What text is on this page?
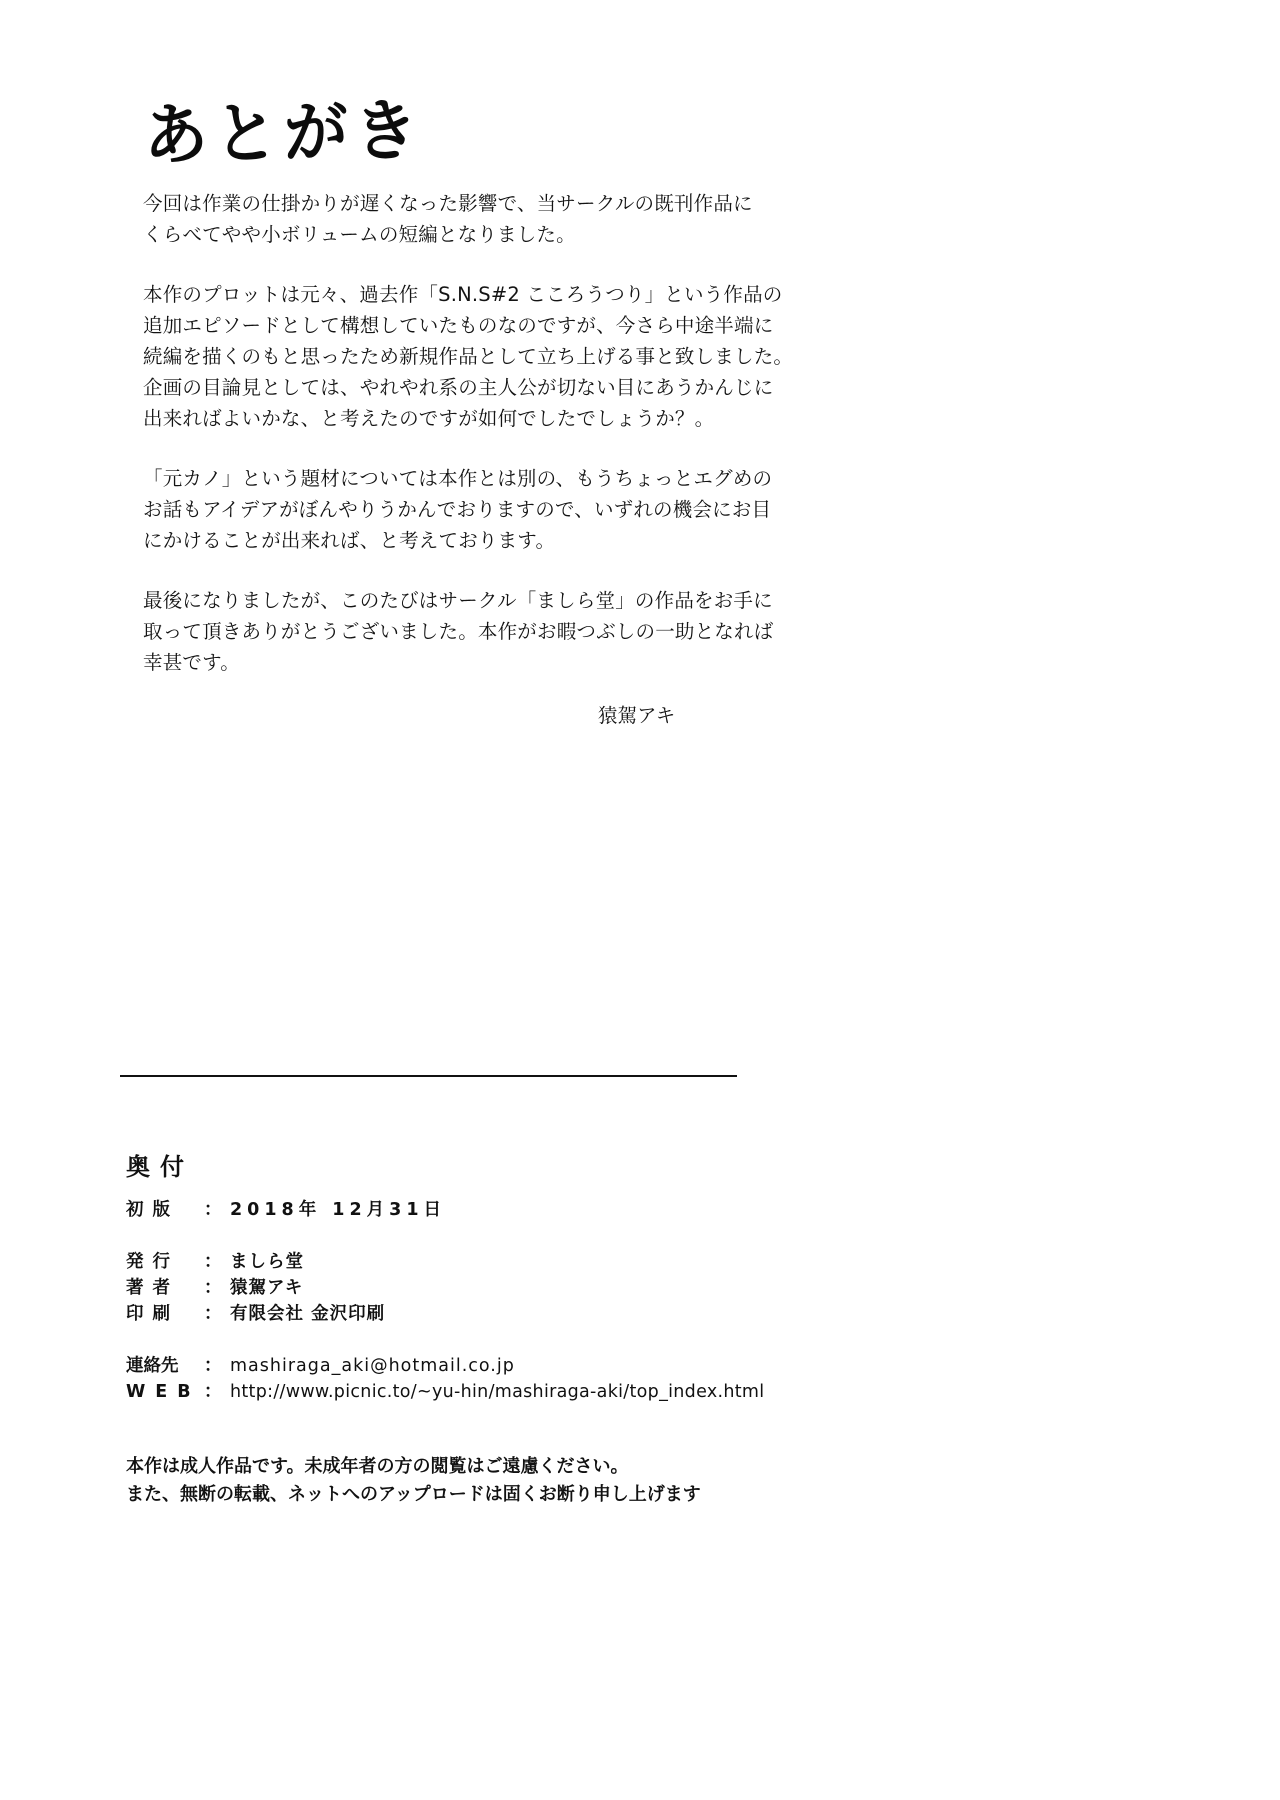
あとがき
今回は作業の仕掛かりが遅くなった影響で、当サークルの既刊作品に
くらべてやや小ボリュームの短編となりました。
本作のプロットは元々、過去作「S.N.S#2 こころうつり」という作品の
追加エピソードとして構想していたものなのですが、今さら中途半端に
続編を描くのもと思ったため新規作品として立ち上げる事と致しました。
企画の目論見としては、やれやれ系の主人公が切ない目にあうかんじに
出来ればよいかな、と考えたのですが如何でしたでしょうか？。
「元カノ」という題材については本作とは別の、もうちょっとエグめの
お話もアイデアがぼんやりうかんでおりますので、いずれの機会にお目
にかけることが出来れば、と考えております。
最後になりましたが、このたびはサークル「ましら堂」の作品をお手に
取って頂きありがとうございました。本作がお暇つぶしの一助となれば
幸甚です。
猿駕アキ
奥付
初版 ： 2018年 12月31日
発行 ： ましら堂
著者 ： 猿駕アキ
印刷 ： 有限会社 金沢印刷
連絡先 ： mashiraga_aki@hotmail.co.jp
WEB ： http://www.picnic.to/~yu-hin/mashiraga-aki/top_index.html
本作は成人作品です。未成年者の方の閲覧はご遠慮ください。
また、無断の転載、ネットへのアップロードは固くお断り申し上げます
